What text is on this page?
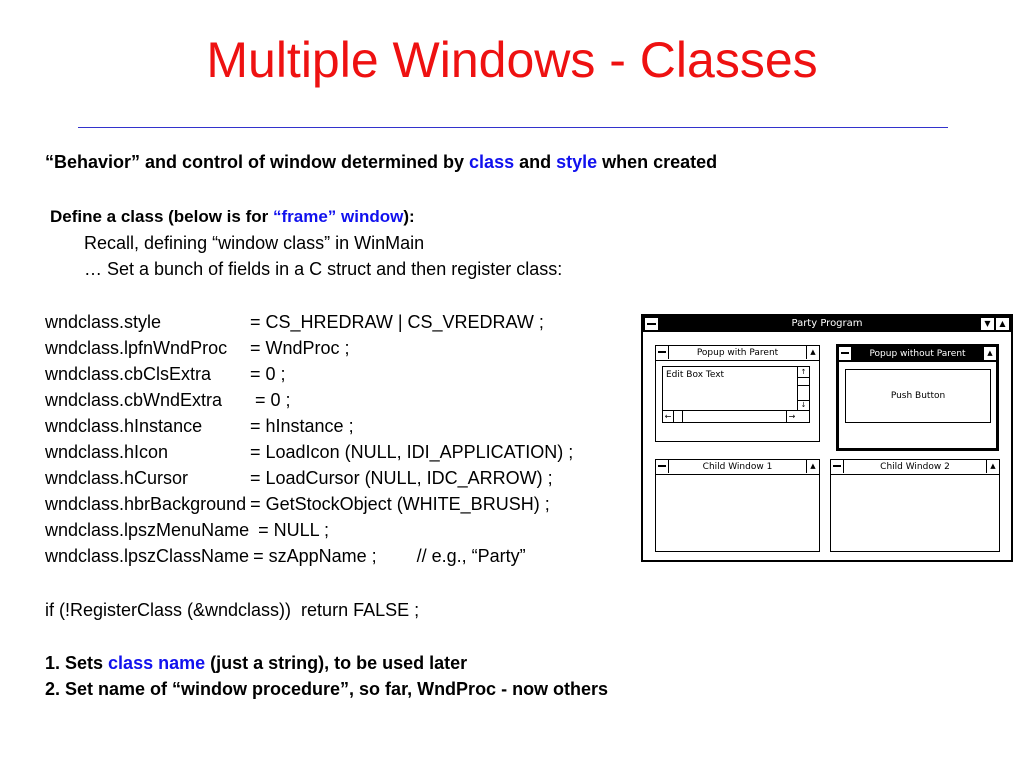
Multiple Windows - Classes
“Behavior” and control of window determined by class and style when created
Define a class (below is for “frame” window):
Recall, defining “window class” in WinMain
… Set a bunch of fields in a C struct and then register class:
wndclass.style	= CS_HREDRAW | CS_VREDRAW ;
wndclass.lpfnWndProc = WndProc ;
wndclass.cbClsExtra = 0 ;
wndclass.cbWndExtra = 0 ;
wndclass.hInstance	= hInstance ;
wndclass.hIcon	= LoadIcon (NULL, IDI_APPLICATION) ;
wndclass.hCursor	= LoadCursor (NULL, IDC_ARROW) ;
wndclass.hbrBackground = GetStockObject (WHITE_BRUSH) ;
wndclass.lpszMenuName = NULL ;
wndclass.lpszClassName = szAppName ;        // e.g., “Party”
if (!RegisterClass (&wndclass))  return FALSE ;
1. Sets class name (just a string), to be used later
2. Set name of “window procedure”, so far, WndProc - now others
Party Program	▼	▲
Popup with Parent	▲
Edit Box Text	↑
↓
←	→
Popup without Parent	▲
Push Button
Child Window 1	▲	Child Window 2	▲
